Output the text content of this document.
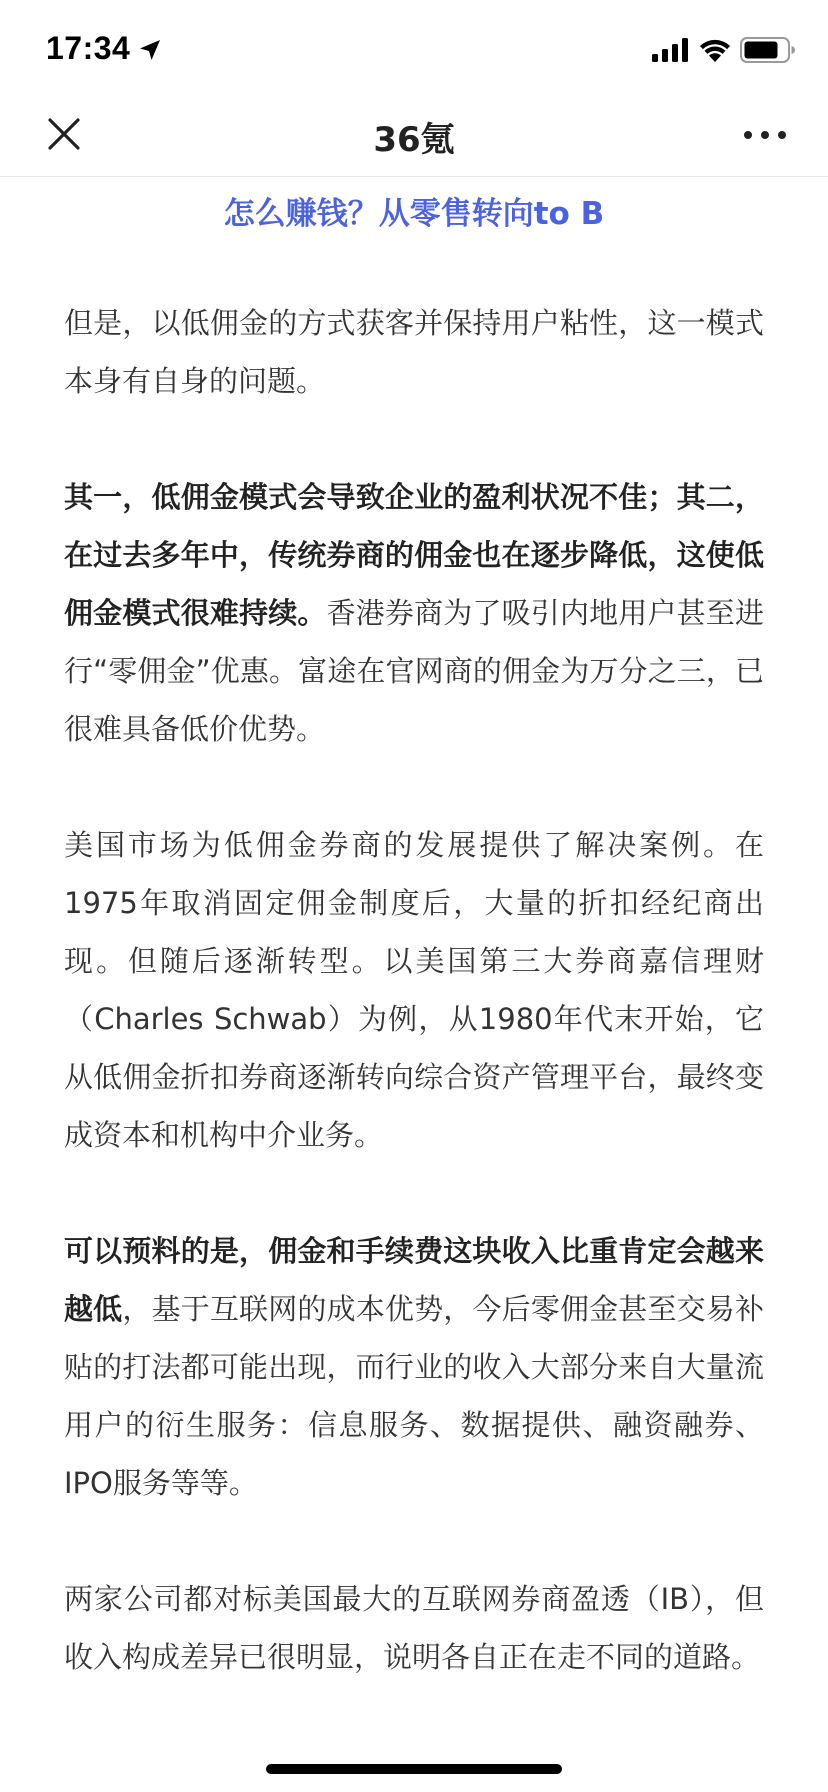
17:34
36氪
怎么赚钱？从零售转向to B

但是，以低佣金的方式获客并保持用户粘性，这一模式本身有自身的问题。

其一，低佣金模式会导致企业的盈利状况不佳；其二，在过去多年中，传统券商的佣金也在逐步降低，这使低佣金模式很难持续。香港券商为了吸引内地用户甚至进行“零佣金”优惠。富途在官网商的佣金为万分之三，已很难具备低价优势。

美国市场为低佣金券商的发展提供了解决案例。在1975年取消固定佣金制度后，大量的折扣经纪商出现。但随后逐渐转型。以美国第三大券商嘉信理财（Charles Schwab）为例，从1980年代末开始，它从低佣金折扣券商逐渐转向综合资产管理平台，最终变成资本和机构中介业务。

可以预料的是，佣金和手续费这块收入比重肯定会越来越低，基于互联网的成本优势，今后零佣金甚至交易补贴的打法都可能出现，而行业的收入大部分来自大量流用户的衍生服务：信息服务、数据提供、融资融券、IPO服务等等。

两家公司都对标美国最大的互联网券商盈透（IB），但收入构成差异已很明显，说明各自正在走不同的道路。
